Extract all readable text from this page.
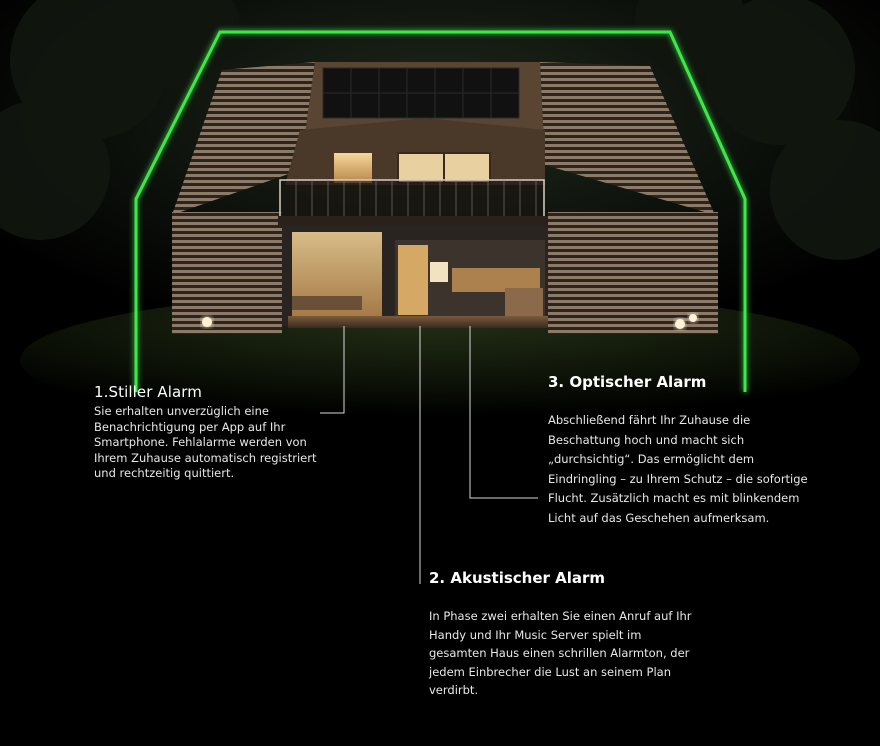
1.Stiller Alarm

Sie erhalten unverzüglich eine Benachrichtigung per App auf Ihr Smartphone. Fehlalarme werden von Ihrem Zuhause automatisch registriert und rechtzeitig quittiert.

3. Optischer Alarm

Abschließend fährt Ihr Zuhause die Beschattung hoch und macht sich „durchsichtig“. Das ermöglicht dem Eindringling – zu Ihrem Schutz – die sofortige Flucht. Zusätzlich macht es mit blinkendem Licht auf das Geschehen aufmerksam.

2. Akustischer Alarm

In Phase zwei erhalten Sie einen Anruf auf Ihr Handy und Ihr Music Server spielt im gesamten Haus einen schrillen Alarmton, der jedem Einbrecher die Lust an seinem Plan verdirbt.
